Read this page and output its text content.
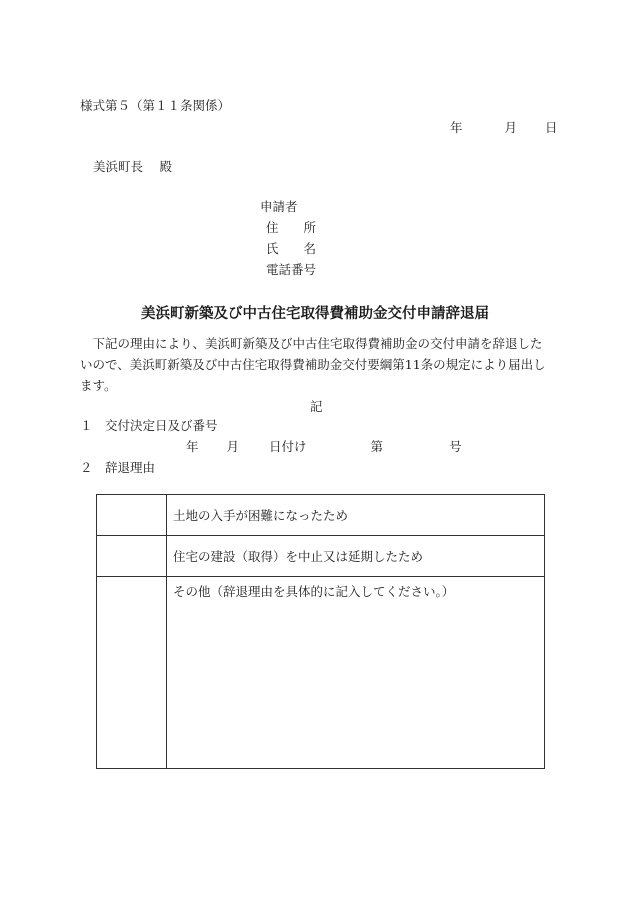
様式第５（第１１条関係）
年	月 日
美浜町長　 殿
申請者
住　　所
氏　　名
電話番号
美浜町新築及び中古住宅取得費補助金交付申請辞退届
下記の理由により、美浜町新築及び中古住宅取得費補助金の交付申請を辞退したいので、美浜町新築及び中古住宅取得費補助金交付要綱第11条の規定により届出します。
記
１　交付決定日及び番号
年 月 日付け	第	号
２　辞退理由
	土地の入手が困難になったため
	住宅の建設（取得）を中止又は延期したため
	その他（辞退理由を具体的に記入してください。）
